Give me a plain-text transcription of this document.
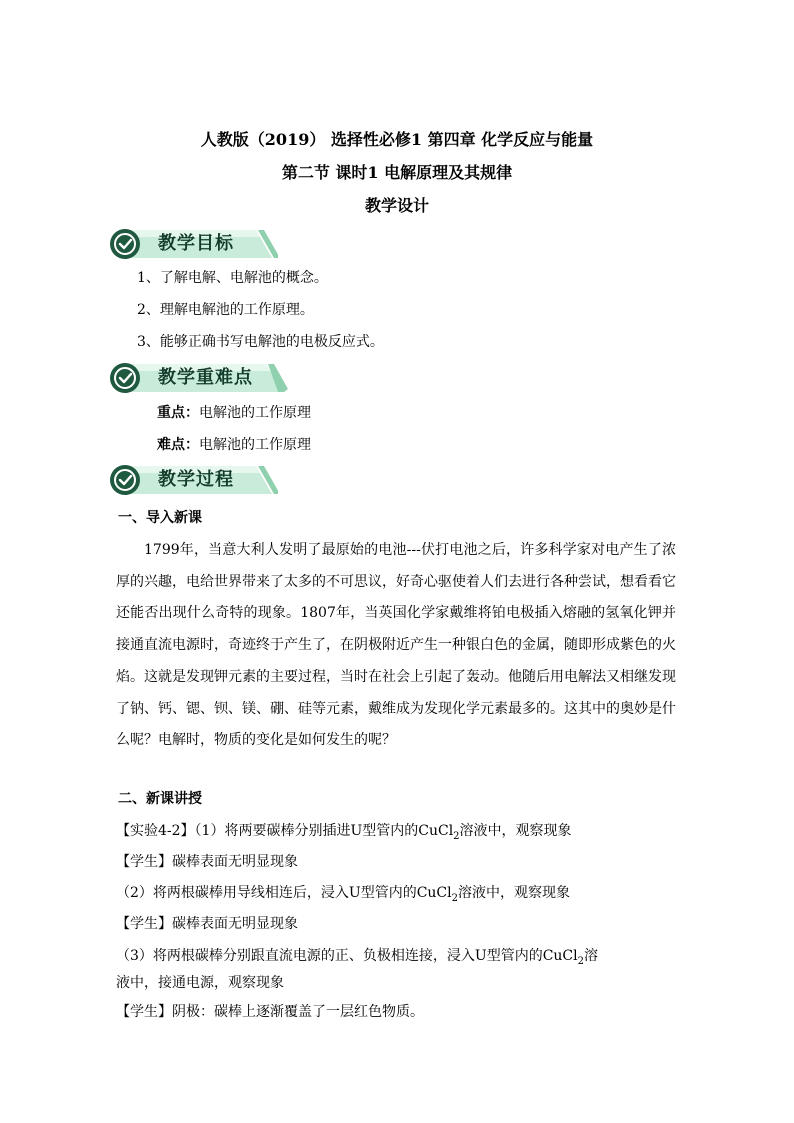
人教版（2019） 选择性必修1 第四章 化学反应与能量
第二节 课时1 电解原理及其规律
教学设计
教学目标
1、了解电解、电解池的概念。
2、理解电解池的工作原理。
3、能够正确书写电解池的电极反应式。
教学重难点
重点：电解池的工作原理
难点：电解池的工作原理
教学过程
一、导入新课
1799年，当意大利人发明了最原始的电池---伏打电池之后，许多科学家对电产生了浓厚的兴趣，电给世界带来了太多的不可思议，好奇心驱使着人们去进行各种尝试，想看看它还能否出现什么奇特的现象。1807年，当英国化学家戴维将铂电极插入熔融的氢氧化钾并接通直流电源时，奇迹终于产生了，在阴极附近产生一种银白色的金属，随即形成紫色的火焰。这就是发现钾元素的主要过程，当时在社会上引起了轰动。他随后用电解法又相继发现了钠、钙、锶、钡、镁、硼、硅等元素，戴维成为发现化学元素最多的。这其中的奥妙是什么呢？电解时，物质的变化是如何发生的呢？
二、新课讲授
【实验4-2】（1）将两要碳棒分别插进U型管内的CuCl$_2$溶液中，观察现象
【学生】碳棒表面无明显现象
（2）将两根碳棒用导线相连后，浸入U型管内的CuCl$_2$溶液中，观察现象
【学生】碳棒表面无明显现象
（3）将两根碳棒分别跟直流电源的正、负极相连接，浸入U型管内的CuCl$_2$溶
液中，接通电源，观察现象
【学生】阴极：碳棒上逐渐覆盖了一层红色物质。
